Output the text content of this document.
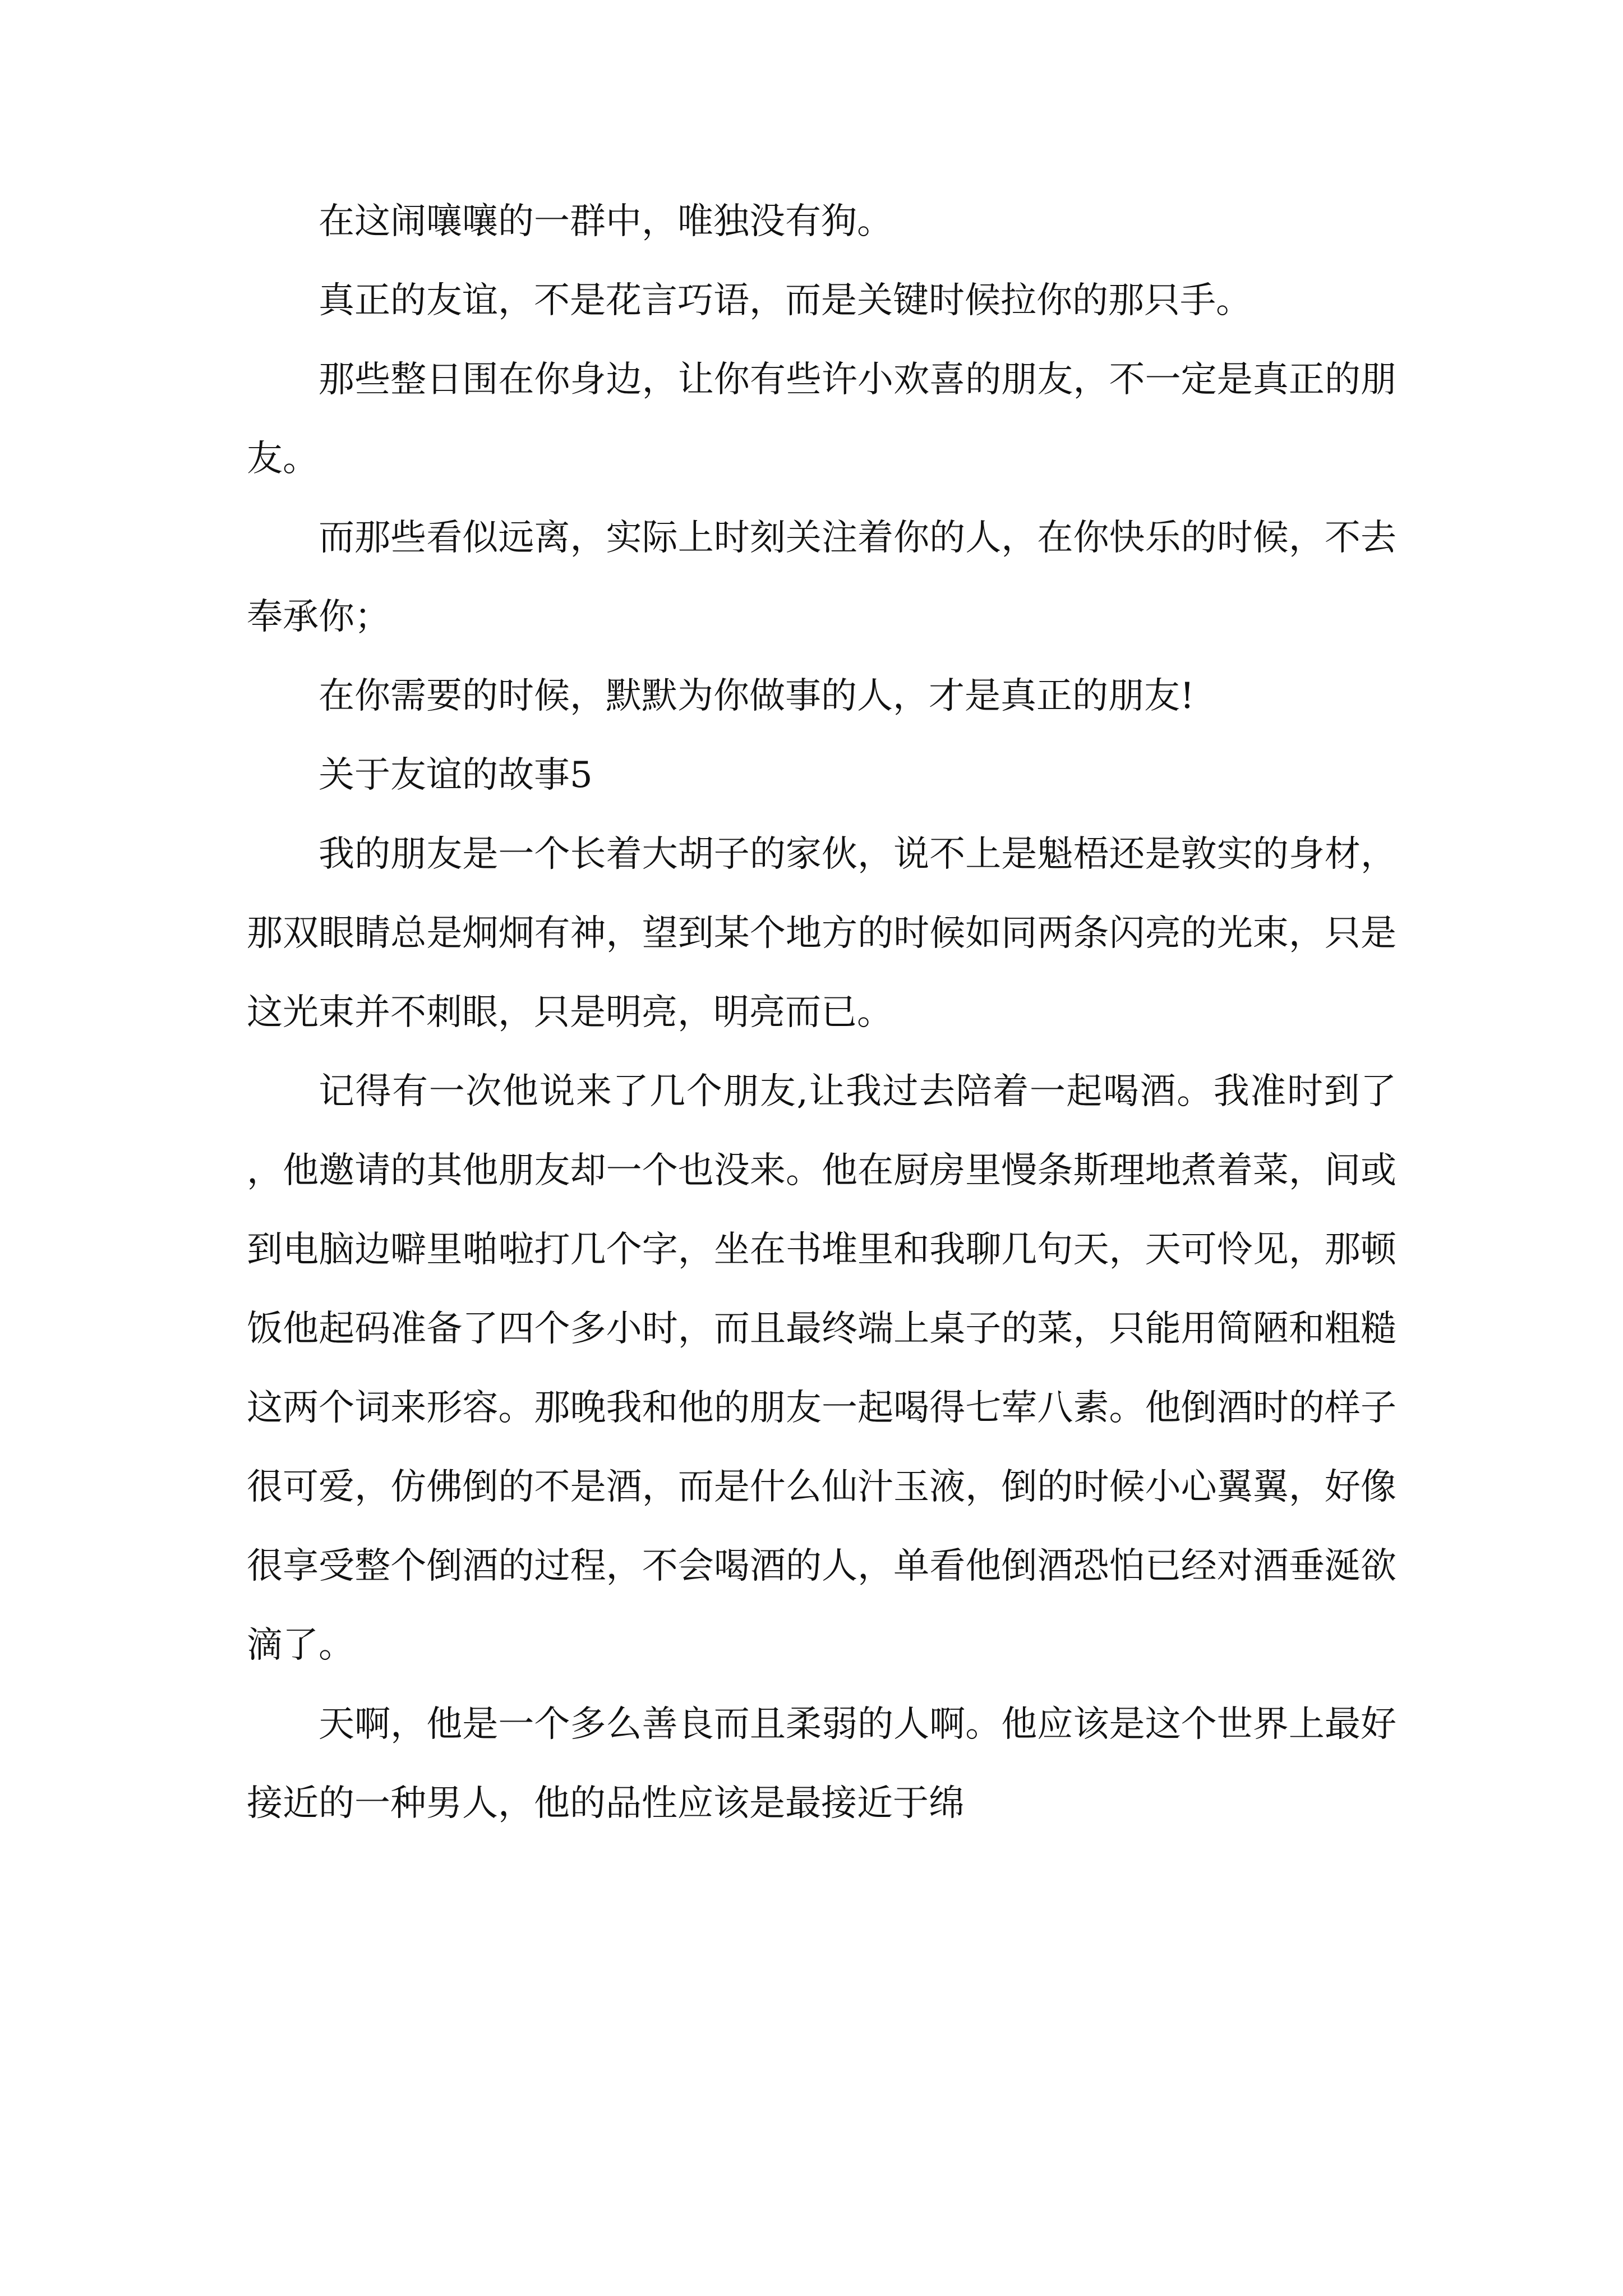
在这闹嚷嚷的一群中，唯独没有狗。

真正的友谊，不是花言巧语，而是关键时候拉你的那只手。

那些整日围在你身边，让你有些许小欢喜的朋友，不一定是真正的朋友。

而那些看似远离，实际上时刻关注着你的人，在你快乐的时候，不去奉承你；

在你需要的时候，默默为你做事的人，才是真正的朋友!

关于友谊的故事5

我的朋友是一个长着大胡子的家伙，说不上是魁梧还是敦实的身材，那双眼睛总是炯炯有神，望到某个地方的时候如同两条闪亮的光束，只是这光束并不刺眼，只是明亮，明亮而已。

记得有一次他说来了几个朋友,让我过去陪着一起喝酒。我准时到了，他邀请的其他朋友却一个也没来。他在厨房里慢条斯理地煮着菜，间或到电脑边噼里啪啦打几个字，坐在书堆里和我聊几句天，天可怜见，那顿饭他起码准备了四个多小时，而且最终端上桌子的菜，只能用简陋和粗糙这两个词来形容。那晚我和他的朋友一起喝得七荤八素。他倒酒时的样子很可爱，仿佛倒的不是酒，而是什么仙汁玉液，倒的时候小心翼翼，好像很享受整个倒酒的过程，不会喝酒的人，单看他倒酒恐怕已经对酒垂涎欲滴了。

天啊，他是一个多么善良而且柔弱的人啊。他应该是这个世界上最好接近的一种男人，他的品性应该是最接近于绵
